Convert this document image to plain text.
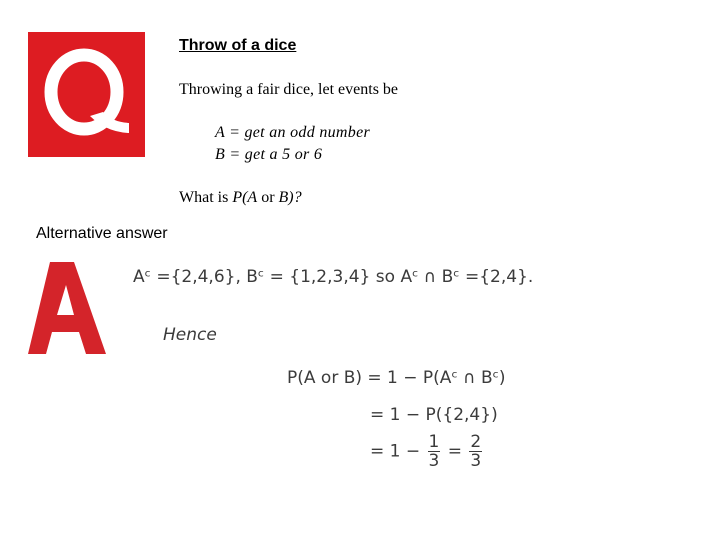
Throw of a dice
Throwing a fair dice, let events be
A = get an odd number
B = get a 5 or 6
What is P(A or B)?
Alternative answer
Aᶜ ={2,4,6}, Bᶜ = {1,2,3,4} so Aᶜ ∩ Bᶜ ={2,4}.
Hence
P(A or B) = 1 − P(Aᶜ ∩ Bᶜ)
= 1 − P({2,4})
= $1 - \frac{1}{3} = \frac{2}{3}$
